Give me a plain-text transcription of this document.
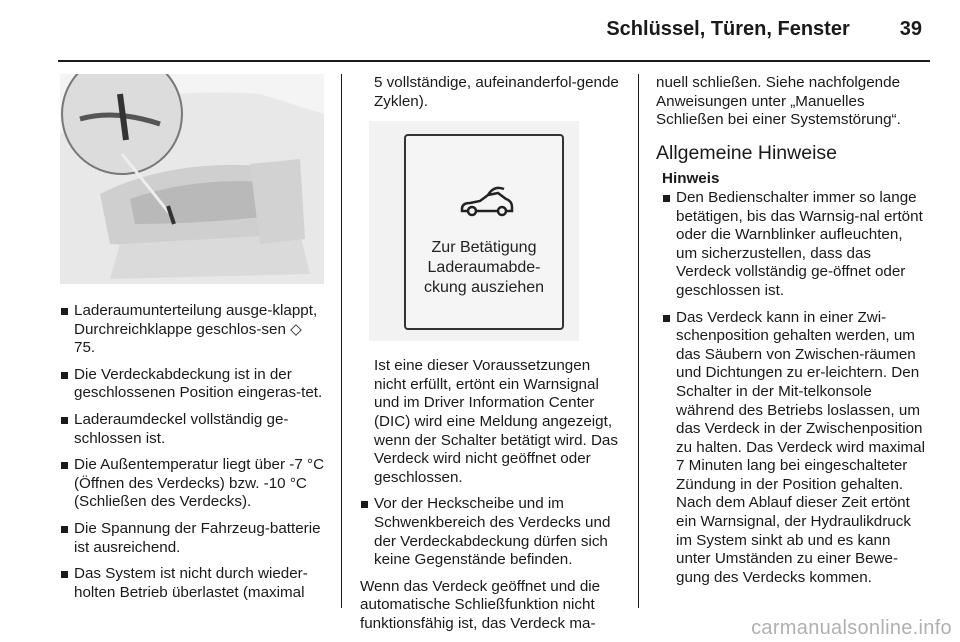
Schlüssel, Türen, Fenster	39
Laderaumunterteilung ausge-klappt, Durchreichklappe geschlos-sen ◇ 75.
Die Verdeckabdeckung ist in der geschlossenen Position eingeras-tet.
Laderaumdeckel vollständig ge-schlossen ist.
Die Außentemperatur liegt über -7 °C (Öffnen des Verdecks) bzw. -10 °C (Schließen des Verdecks).
Die Spannung der Fahrzeug-batterie ist ausreichend.
Das System ist nicht durch wieder-holten Betrieb überlastet (maximal

5 vollständige, aufeinanderfol-gende Zyklen).

Zur Betätigung
Laderaumabde-
ckung ausziehen

Ist eine dieser Voraussetzungen nicht erfüllt, ertönt ein Warnsignal und im Driver Information Center (DIC) wird eine Meldung angezeigt, wenn der Schalter betätigt wird. Das Verdeck wird nicht geöffnet oder geschlossen.

Vor der Heckscheibe und im Schwenkbereich des Verdecks und der Verdeckabdeckung dürfen sich keine Gegenstände befinden.

Wenn das Verdeck geöffnet und die automatische Schließfunktion nicht funktionsfähig ist, das Verdeck ma-

nuell schließen. Siehe nachfolgende Anweisungen unter „Manuelles Schließen bei einer Systemstörung“.

Allgemeine Hinweise
Hinweis
Den Bedienschalter immer so lange betätigen, bis das Warnsig-nal ertönt oder die Warnblinker aufleuchten, um sicherzustellen, dass das Verdeck vollständig ge-öffnet oder geschlossen ist.
Das Verdeck kann in einer Zwi-schenposition gehalten werden, um das Säubern von Zwischen-räumen und Dichtungen zu er-leichtern. Den Schalter in der Mit-telkonsole während des Betriebs loslassen, um das Verdeck in der Zwischenposition zu halten. Das Verdeck wird maximal 7 Minuten lang bei eingeschalteter Zündung in der Position gehalten. Nach dem Ablauf dieser Zeit ertönt ein Warnsignal, der Hydraulikdruck im System sinkt ab und es kann unter Umständen zu einer Bewe-gung des Verdecks kommen.
carmanualsonline.info
